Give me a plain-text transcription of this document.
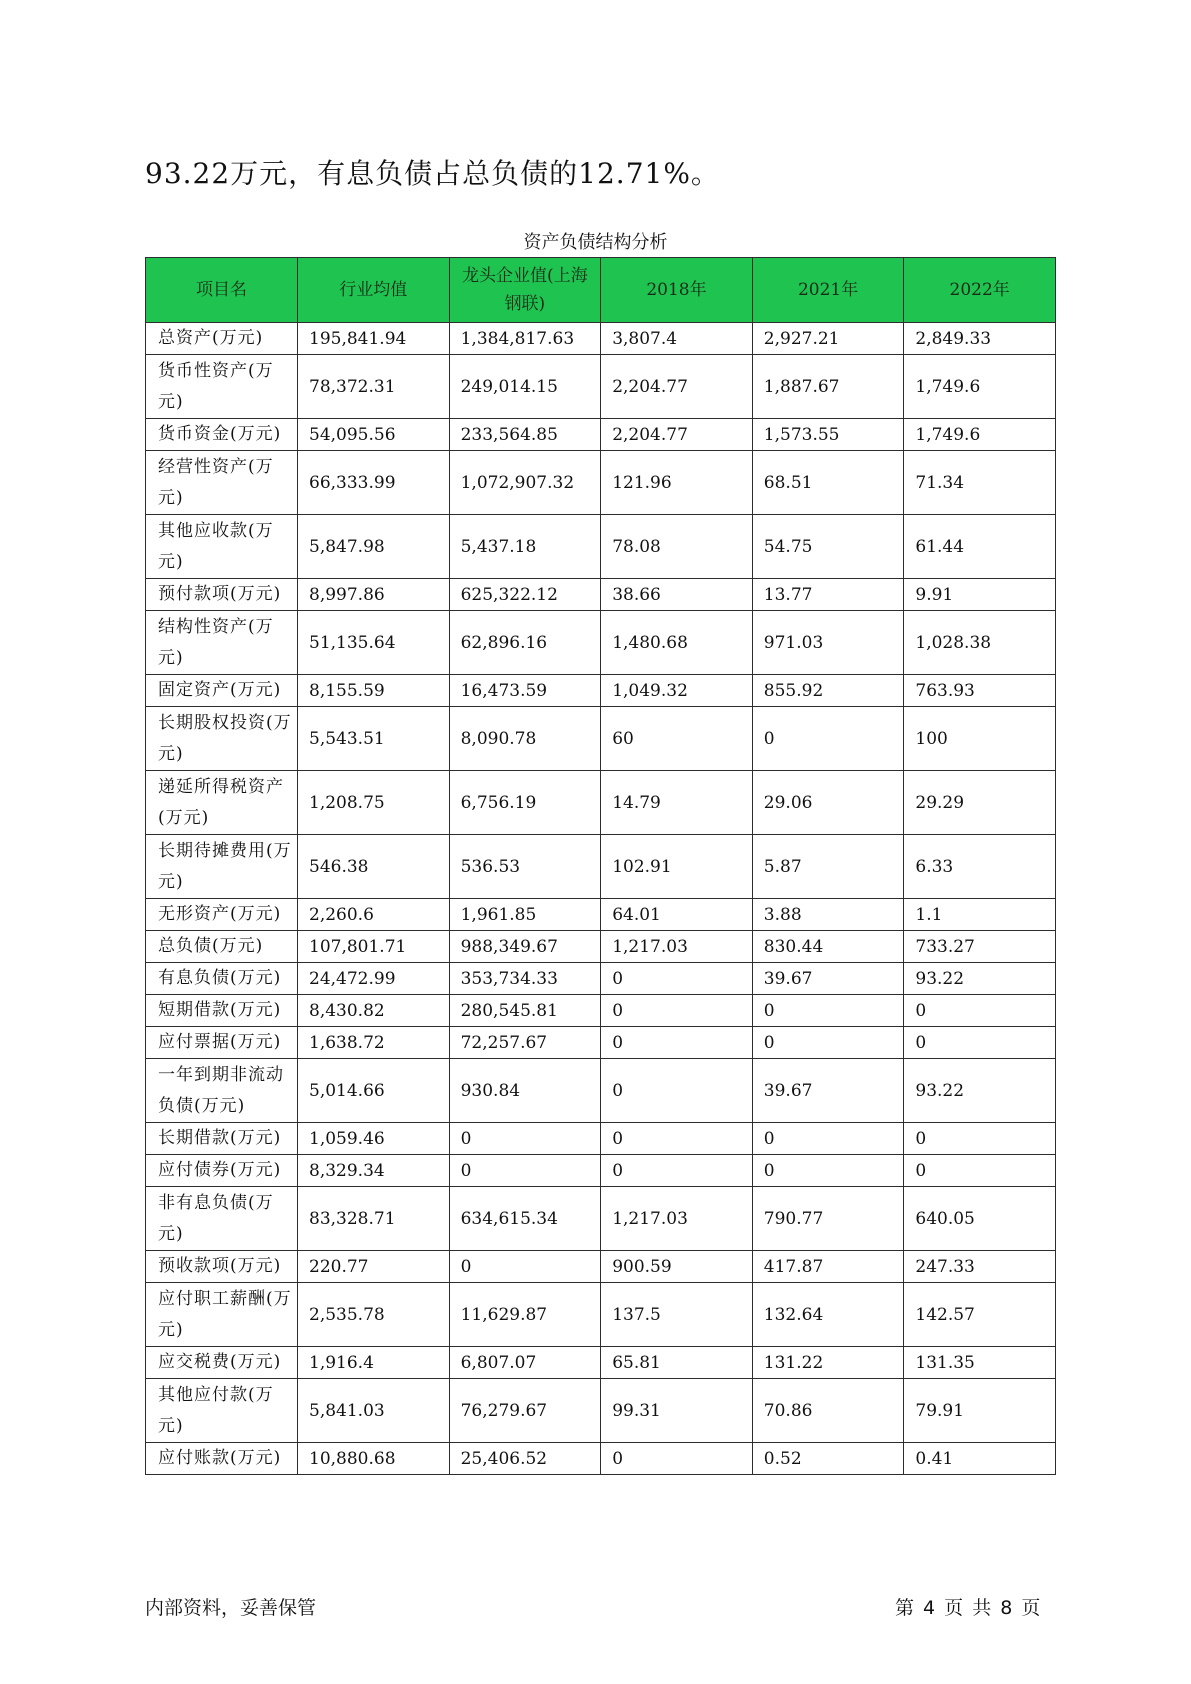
93.22万元，有息负债占总负债的12.71%。
资产负债结构分析
项目名	行业均值	龙头企业值(上海钢联)	2018年	2021年	2022年
总资产(万元)	195,841.94	1,384,817.63	3,807.4	2,927.21	2,849.33
货币性资产(万元)	78,372.31	249,014.15	2,204.77	1,887.67	1,749.6
货币资金(万元)	54,095.56	233,564.85	2,204.77	1,573.55	1,749.6
经营性资产(万元)	66,333.99	1,072,907.32	121.96	68.51	71.34
其他应收款(万元)	5,847.98	5,437.18	78.08	54.75	61.44
预付款项(万元)	8,997.86	625,322.12	38.66	13.77	9.91
结构性资产(万元)	51,135.64	62,896.16	1,480.68	971.03	1,028.38
固定资产(万元)	8,155.59	16,473.59	1,049.32	855.92	763.93
长期股权投资(万元)	5,543.51	8,090.78	60	0	100
递延所得税资产(万元)	1,208.75	6,756.19	14.79	29.06	29.29
长期待摊费用(万元)	546.38	536.53	102.91	5.87	6.33
无形资产(万元)	2,260.6	1,961.85	64.01	3.88	1.1
总负债(万元)	107,801.71	988,349.67	1,217.03	830.44	733.27
有息负债(万元)	24,472.99	353,734.33	0	39.67	93.22
短期借款(万元)	8,430.82	280,545.81	0	0	0
应付票据(万元)	1,638.72	72,257.67	0	0	0
一年到期非流动负债(万元)	5,014.66	930.84	0	39.67	93.22
长期借款(万元)	1,059.46	0	0	0	0
应付债券(万元)	8,329.34	0	0	0	0
非有息负债(万元)	83,328.71	634,615.34	1,217.03	790.77	640.05
预收款项(万元)	220.77	0	900.59	417.87	247.33
应付职工薪酬(万元)	2,535.78	11,629.87	137.5	132.64	142.57
应交税费(万元)	1,916.4	6,807.07	65.81	131.22	131.35
其他应付款(万元)	5,841.03	76,279.67	99.31	70.86	79.91
应付账款(万元)	10,880.68	25,406.52	0	0.52	0.41
内部资料，妥善保管	第 4 页 共 8 页
